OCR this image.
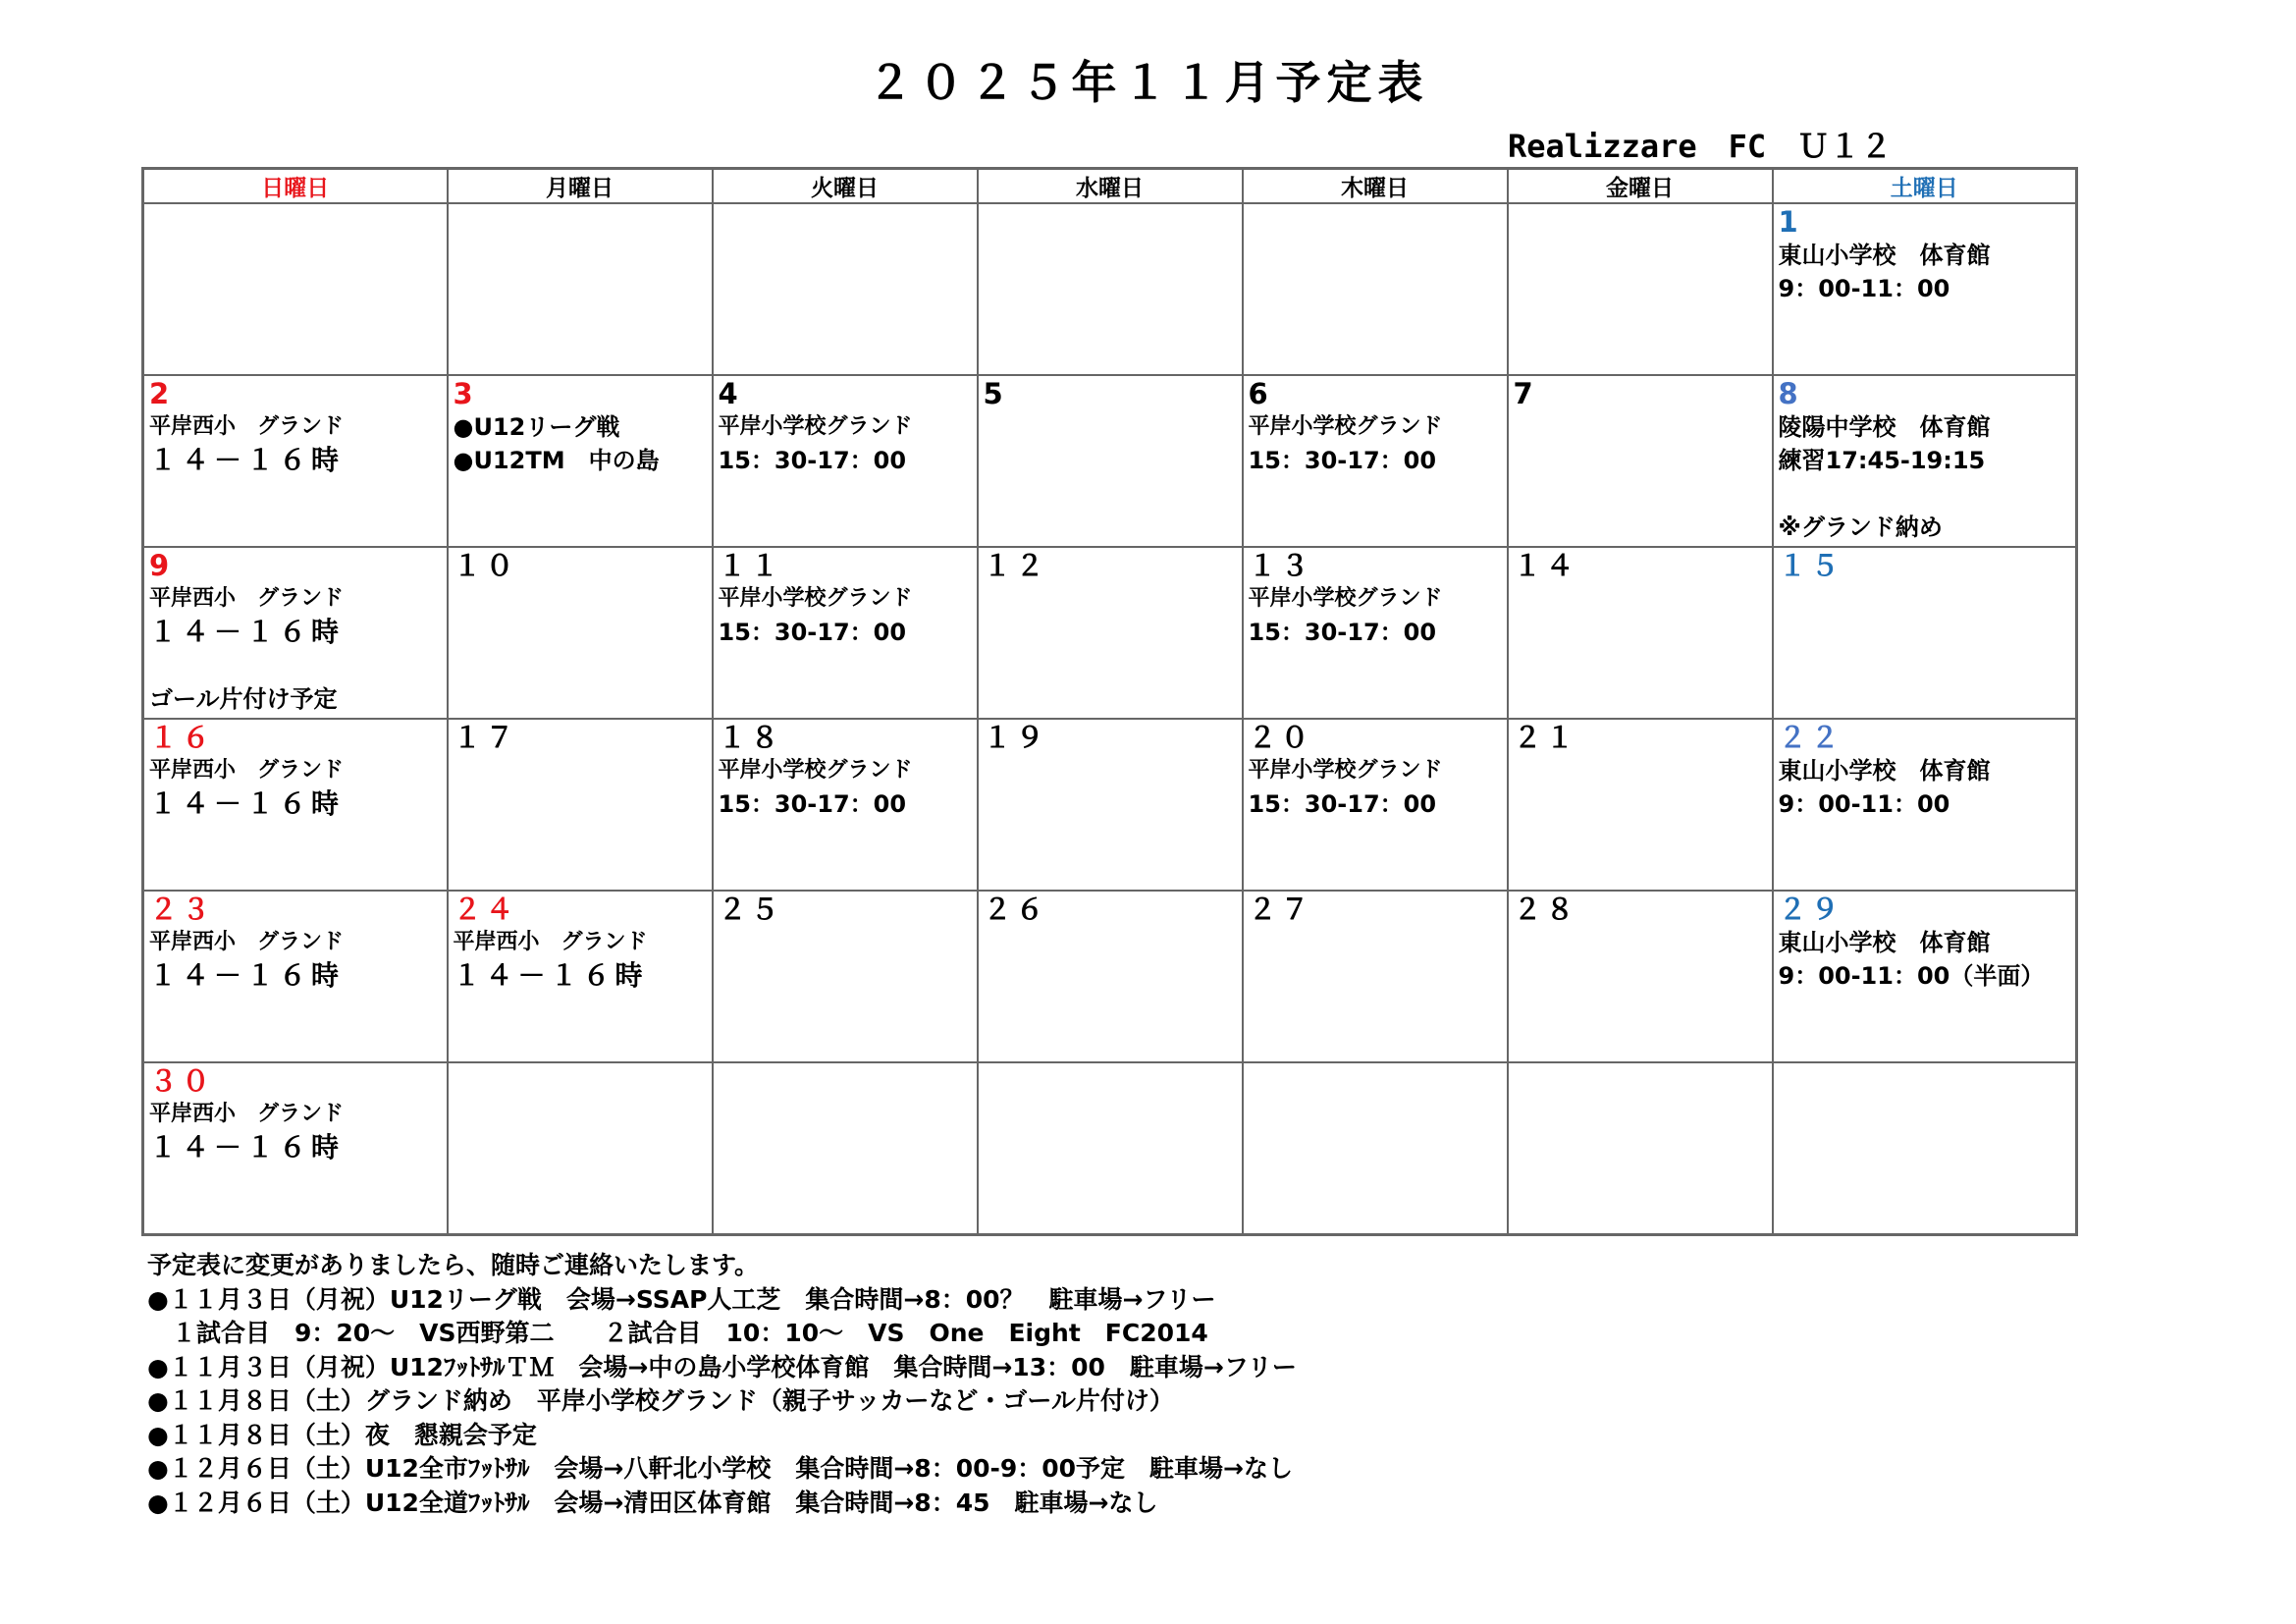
２０２５年１１月予定表
Realizzare　FC　Ｕ１２
日曜日	月曜日	火曜日	水曜日	木曜日	金曜日	土曜日

						1
東山小学校　体育館
9：00-11：00

2
平岸西小　グランド
１４－１６時	3
●U12リーグ戦
●U12TM　中の島	4
平岸小学校グランド
15：30-17：00	5	6
平岸小学校グランド
15：30-17：00	7	8
陵陽中学校　体育館
練習17:45-19:15
※グランド納め

9
平岸西小　グランド
１４－１６時
ゴール片付け予定	１０	１１
平岸小学校グランド
15：30-17：00	１２	１３
平岸小学校グランド
15：30-17：00	１４	１５

１６
平岸西小　グランド
１４－１６時	１７	１８
平岸小学校グランド
15：30-17：00	１９	２０
平岸小学校グランド
15：30-17：00	２１	２２
東山小学校　体育館
9：00-11：00

２３
平岸西小　グランド
１４－１６時	２４
平岸西小　グランド
１４－１６時	２５	２６	２７	２８	２９
東山小学校　体育館
9：00-11：00（半面）

３０
平岸西小　グランド
１４－１６時						

予定表に変更がありましたら、随時ご連絡いたします。
●１１月３日（月祝）U12リーグ戦　会場→SSAP人工芝　集合時間→8：00？　駐車場→フリー
　１試合目　9：20～　VS西野第二　　２試合目　10：10～　VS　One　Eight　FC2014
●１１月３日（月祝）U12ﾌｯﾄｻﾙＴＭ　会場→中の島小学校体育館　集合時間→13：00　駐車場→フリー
●１１月８日（土）グランド納め　平岸小学校グランド（親子サッカーなど・ゴール片付け）
●１１月８日（土）夜　懇親会予定
●１２月６日（土）U12全市ﾌｯﾄｻﾙ　会場→八軒北小学校　集合時間→8：00-9：00予定　駐車場→なし
●１２月６日（土）U12全道ﾌｯﾄｻﾙ　会場→清田区体育館　集合時間→8：45　駐車場→なし
